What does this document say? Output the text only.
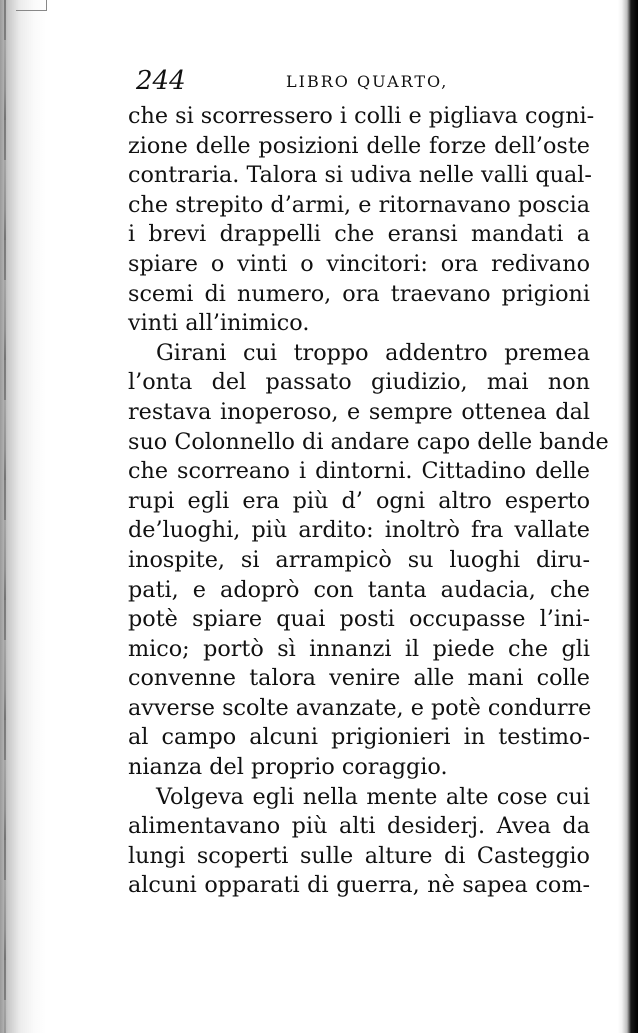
244	LIBRO QUARTO,
che si scorressero i colli e pigliava cogni-
zione delle posizioni delle forze dell’oste
contraria. Talora si udiva nelle valli qual-
che strepito d’armi, e ritornavano poscia
i brevi drappelli che eransi mandati a
spiare o vinti o vincitori: ora redivano
scemi di numero, ora traevano prigioni
vinti all’inimico.
Girani cui troppo addentro premea
l’onta del passato giudizio, mai non
restava inoperoso, e sempre ottenea dal
suo Colonnello di andare capo delle bande
che scorreano i dintorni. Cittadino delle
rupi egli era più d’ ogni altro esperto
de’luoghi, più ardito: inoltrò fra vallate
inospite, si arrampicò su luoghi diru-
pati, e adoprò con tanta audacia, che
potè spiare quai posti occupasse l’ini-
mico; portò sì innanzi il piede che gli
convenne talora venire alle mani colle
avverse scolte avanzate, e potè condurre
al campo alcuni prigionieri in testimo-
nianza del proprio coraggio.
Volgeva egli nella mente alte cose cui
alimentavano più alti desiderj. Avea da
lungi scoperti sulle alture di Casteggio
alcuni opparati di guerra, nè sapea com-
